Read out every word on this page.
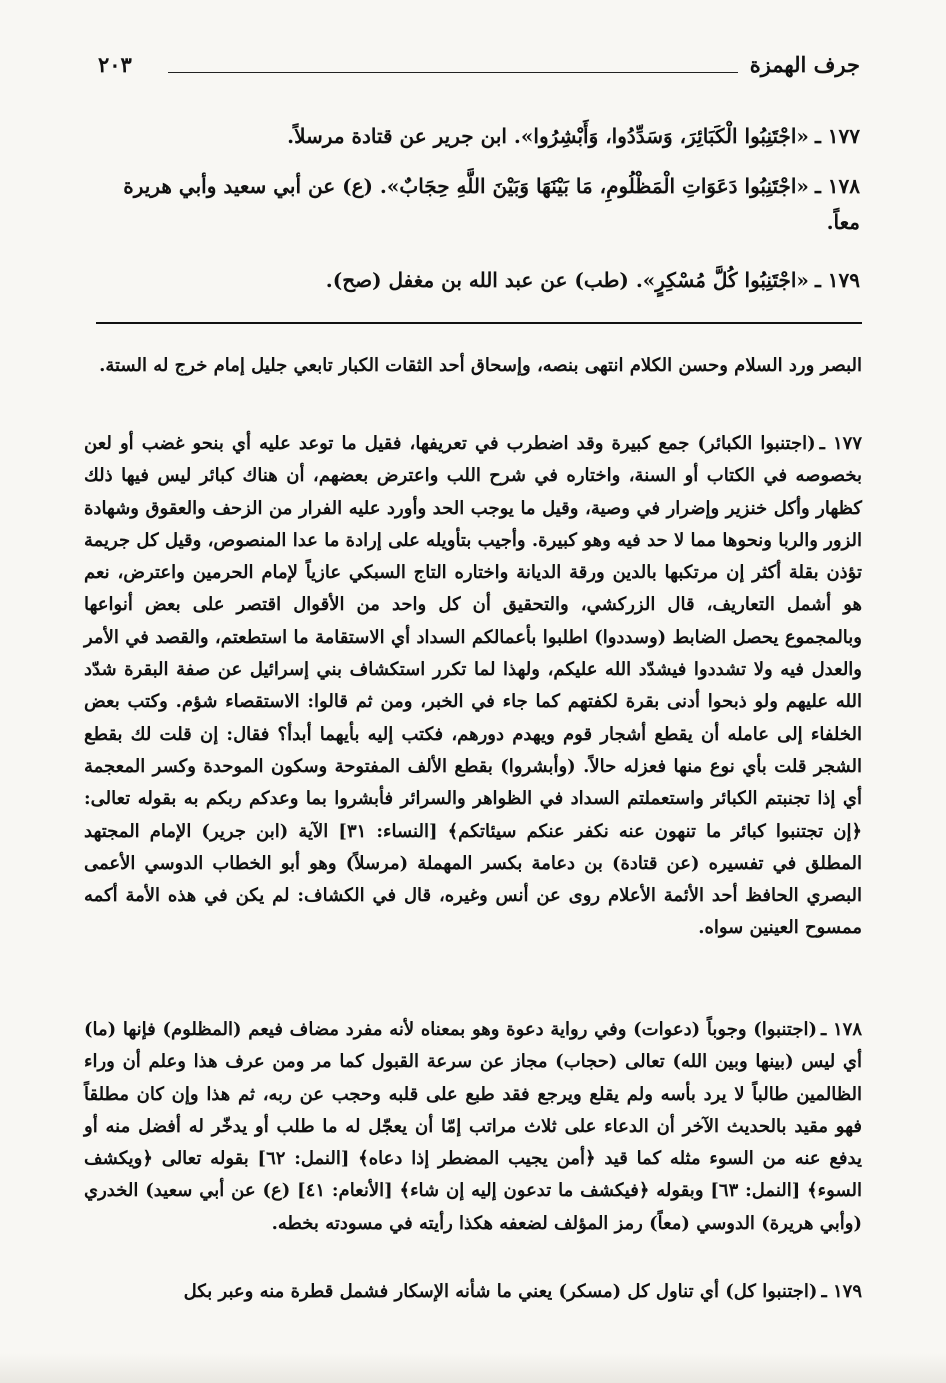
جرف الهمزة
٢٠٣
١٧٧ ـ«اجْتَنِبُوا الْكَبَائِرَ، وَسَدِّدُوا، وَأَبْشِرُوا». ابن جرير عن قتادة مرسلاً.
١٧٨ ـ«اجْتَنِبُوا دَعَوَاتِ الْمَظْلُومِ، مَا بَيْنَهَا وَبَيْنَ اللَّهِ حِجَابٌ». (ع) عن أبي سعيد وأبي هريرة معاً.
١٧٩ ـ«اجْتَنِبُوا كُلَّ مُسْكِرٍ». (طب) عن عبد الله بن مغفل (صح).
البصر ورد السلام وحسن الكلام انتهى بنصه، وإسحاق أحد الثقات الكبار تابعي جليل إمام خرج له الستة.
١٧٧ ـ(اجتنبوا الكبائر) جمع كبيرة وقد اضطرب في تعريفها، فقيل ما توعد عليه أي بنحو غضب أو لعن بخصوصه في الكتاب أو السنة، واختاره في شرح اللب واعترض بعضهم، أن هناك كبائر ليس فيها ذلك كظهار وأكل خنزير وإضرار في وصية، وقيل ما يوجب الحد وأورد عليه الفرار من الزحف والعقوق وشهادة الزور والربا ونحوها مما لا حد فيه وهو كبيرة. وأجيب بتأويله على إرادة ما عدا المنصوص، وقيل كل جريمة تؤذن بقلة أكثر إن مرتكبها بالدين ورقة الديانة واختاره التاج السبكي عازياً لإمام الحرمين واعترض، نعم هو أشمل التعاريف، قال الزركشي، والتحقيق أن كل واحد من الأقوال اقتصر على بعض أنواعها وبالمجموع يحصل الضابط (وسددوا) اطلبوا بأعمالكم السداد أي الاستقامة ما استطعتم، والقصد في الأمر والعدل فيه ولا تشددوا فيشدّد الله عليكم، ولهذا لما تكرر استكشاف بني إسرائيل عن صفة البقرة شدّد الله عليهم ولو ذبحوا أدنى بقرة لكفتهم كما جاء في الخبر، ومن ثم قالوا: الاستقصاء شؤم. وكتب بعض الخلفاء إلى عامله أن يقطع أشجار قوم ويهدم دورهم، فكتب إليه بأيهما أبدأ؟ فقال: إن قلت لك بقطع الشجر قلت بأي نوع منها فعزله حالاً. (وأبشروا) بقطع الألف المفتوحة وسكون الموحدة وكسر المعجمة أي إذا تجنبتم الكبائر واستعملتم السداد في الظواهر والسرائر فأبشروا بما وعدكم ربكم به بقوله تعالى: ﴿إن تجتنبوا كبائر ما تنهون عنه نكفر عنكم سيئاتكم﴾ [النساء: ٣١] الآية (ابن جرير) الإمام المجتهد المطلق في تفسيره (عن قتادة) بن دعامة بكسر المهملة (مرسلاً) وهو أبو الخطاب الدوسي الأعمى البصري الحافظ أحد الأئمة الأعلام روى عن أنس وغيره، قال في الكشاف: لم يكن في هذه الأمة أكمه ممسوح العينين سواه.
١٧٨ ـ(اجتنبوا) وجوباً (دعوات) وفي رواية دعوة وهو بمعناه لأنه مفرد مضاف فيعم (المظلوم) فإنها (ما) أي ليس (بينها وبين الله) تعالى (حجاب) مجاز عن سرعة القبول كما مر ومن عرف هذا وعلم أن وراء الظالمين طالباً لا يرد بأسه ولم يقلع ويرجع فقد طبع على قلبه وحجب عن ربه، ثم هذا وإن كان مطلقاً فهو مقيد بالحديث الآخر أن الدعاء على ثلاث مراتب إمّا أن يعجّل له ما طلب أو يدخّر له أفضل منه أو يدفع عنه من السوء مثله كما قيد ﴿أمن يجيب المضطر إذا دعاه﴾ [النمل: ٦٢] بقوله تعالى ﴿ويكشف السوء﴾ [النمل: ٦٣] وبقوله ﴿فيكشف ما تدعون إليه إن شاء﴾ [الأنعام: ٤١] (ع) عن أبي سعيد) الخدري (وأبي هريرة) الدوسي (معاً) رمز المؤلف لضعفه هكذا رأيته في مسودته بخطه.
١٧٩ ـ(اجتنبوا كل) أي تناول كل (مسكر) يعني ما شأنه الإسكار فشمل قطرة منه وعبر بكل
